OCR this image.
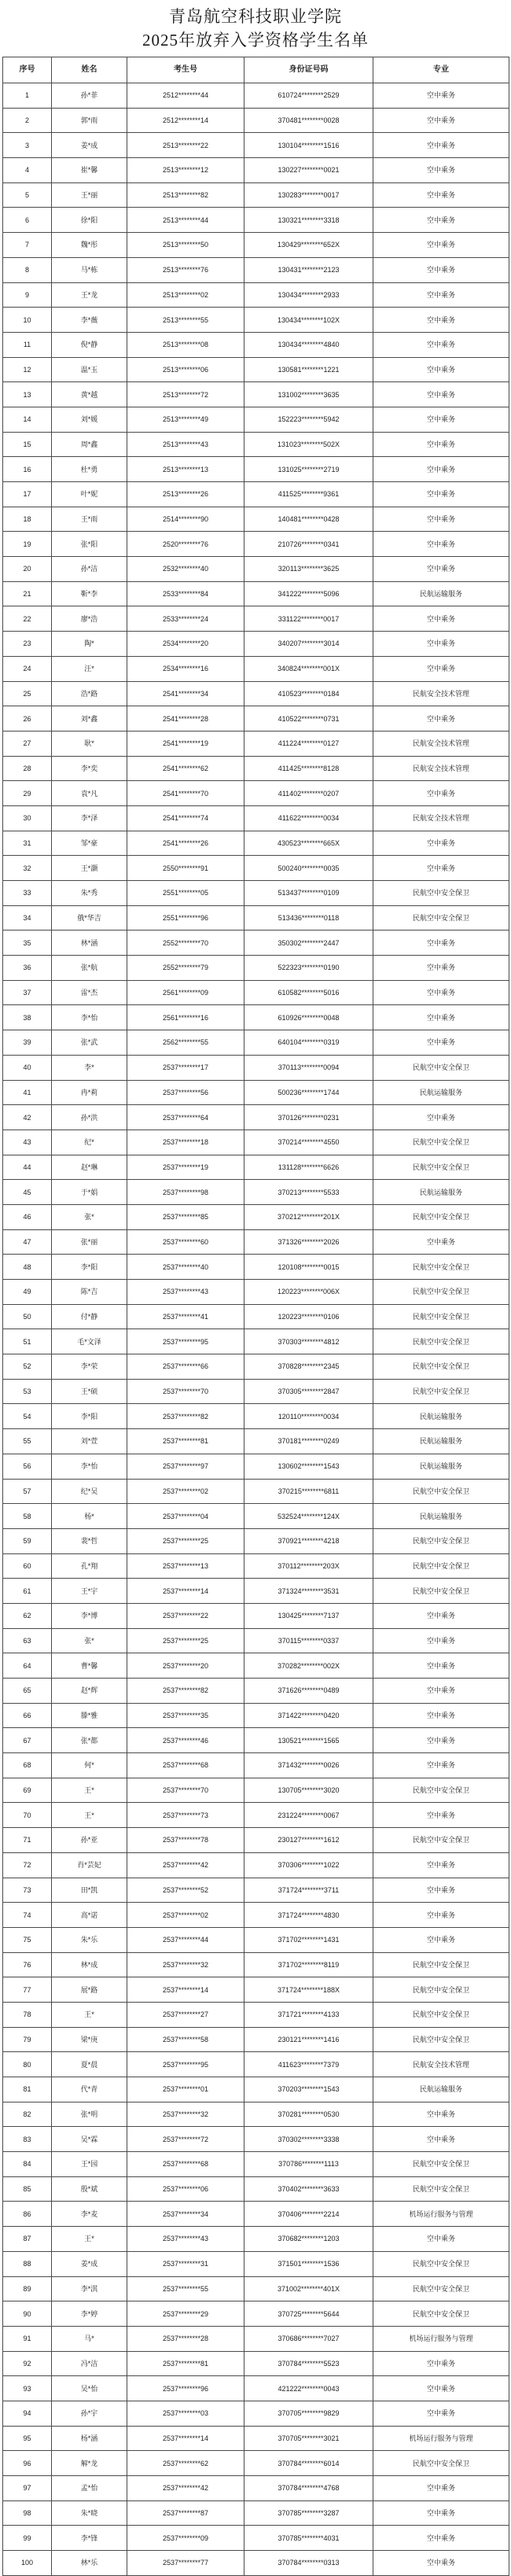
青岛航空科技职业学院
2025年放弃入学资格学生名单
序号	姓名	考生号	身份证号码	专业
1	孙*菲	2512********44	610724********2529	空中乘务
2	郭*雨	2512********14	370481********0028	空中乘务
3	姜*成	2513********22	130104********1516	空中乘务
4	崔*馨	2513********12	130227********0021	空中乘务
5	王*丽	2513********82	130283********0017	空中乘务
6	徐*阳	2513********44	130321********3318	空中乘务
7	魏*彤	2513********50	130429********652X	空中乘务
8	马*栋	2513********76	130431********2123	空中乘务
9	王*龙	2513********02	130434********2933	空中乘务
10	李*薇	2513********55	130434********102X	空中乘务
11	倪*静	2513********08	130434********4840	空中乘务
12	温*玉	2513********06	130581********1221	空中乘务
13	黄*越	2513********72	131002********3635	空中乘务
14	刘*媛	2513********49	152223********5942	空中乘务
15	周*鑫	2513********43	131023********502X	空中乘务
16	杜*勇	2513********13	131025********2719	空中乘务
17	叶*妮	2513********26	411525********9361	空中乘务
18	王*雨	2514********90	140481********0428	空中乘务
19	张*阳	2520********76	210726********0341	空中乘务
20	孙*洁	2532********40	320113********3625	空中乘务
21	靳*李	2533********84	341222********5096	民航运输服务
22	廖*浩	2533********24	331122********0017	空中乘务
23	陶*	2534********20	340207********3014	空中乘务
24	汪*	2534********16	340824********001X	空中乘务
25	浩*路	2541********34	410523********0184	民航安全技术管理
26	刘*鑫	2541********28	410522********0731	空中乘务
27	耿*	2541********19	411224********0127	民航安全技术管理
28	李*奕	2541********62	411425********8128	民航安全技术管理
29	袁*凡	2541********70	411402********0207	空中乘务
30	李*泽	2541********74	411622********0034	民航安全技术管理
31	邹*豪	2541********26	430523********665X	空中乘务
32	王*灏	2550********91	500240********0035	空中乘务
33	朱*秀	2551********05	513437********0109	民航空中安全保卫
34	俄*华吉	2551********96	513436********0118	民航空中安全保卫
35	林*涵	2552********70	350302********2447	空中乘务
36	张*航	2552********79	522323********0190	空中乘务
37	雷*杰	2561********09	610582********5016	空中乘务
38	李*怡	2561********16	610926********0048	空中乘务
39	张*武	2562********55	640104********0319	空中乘务
40	李*	2537********17	370113********0094	民航空中安全保卫
41	冉*莉	2537********56	500236********1744	民航运输服务
42	孙*洪	2537********64	370126********0231	空中乘务
43	纪*	2537********18	370214********4550	民航空中安全保卫
44	赵*琳	2537********19	131128********6626	民航空中安全保卫
45	于*娟	2537********98	370213********5533	民航运输服务
46	张*	2537********85	370212********201X	民航空中安全保卫
47	张*丽	2537********60	371326********2026	空中乘务
48	李*阳	2537********40	120108********0015	民航空中安全保卫
49	陈*吉	2537********43	120223********006X	民航空中安全保卫
50	付*静	2537********41	120223********0106	民航空中安全保卫
51	毛*文泽	2537********95	370303********4812	民航空中安全保卫
52	李*荣	2537********66	370828********2345	民航空中安全保卫
53	王*硕	2537********70	370305********2847	民航空中安全保卫
54	李*阳	2537********82	120110********0034	民航运输服务
55	刘*萱	2537********81	370181********0249	民航运输服务
56	李*怡	2537********97	130602********1543	民航运输服务
57	纪*吴	2537********02	370215********6811	民航空中安全保卫
58	杨*	2537********04	532524********124X	民航运输服务
59	裴*哲	2537********25	370921********4218	民航空中安全保卫
60	孔*翔	2537********13	370112********203X	民航空中安全保卫
61	王*宇	2537********14	371324********3531	民航空中安全保卫
62	李*博	2537********22	130425********7137	空中乘务
63	张*	2537********25	370115********0337	空中乘务
64	曹*馨	2537********20	370282********002X	空中乘务
65	赵*辉	2537********82	371626********0489	空中乘务
66	滕*雅	2537********35	371422********0420	空中乘务
67	张*都	2537********46	130521********1565	空中乘务
68	何*	2537********68	371432********0026	空中乘务
69	王*	2537********70	130705********3020	民航空中安全保卫
70	王*	2537********73	231224********0067	空中乘务
71	孙*亚	2537********78	230127********1612	民航空中安全保卫
72	肖*芸妃	2537********42	370306********1022	空中乘务
73	田*凯	2537********52	371724********3711	空中乘务
74	高*诺	2537********02	371724********4830	空中乘务
75	朱*乐	2537********44	371702********1431	空中乘务
76	林*成	2537********32	371702********8119	民航空中安全保卫
77	展*路	2537********14	371724********188X	民航空中安全保卫
78	王*	2537********27	371721********4133	民航空中安全保卫
79	梁*庚	2537********58	230121********1416	民航空中安全保卫
80	夏*晨	2537********95	411623********7379	民航安全技术管理
81	代*青	2537********01	370203********1543	民航运输服务
82	张*明	2537********32	370281********0530	空中乘务
83	吴*霖	2537********72	370302********3338	空中乘务
84	王*园	2537********68	370786********1113	民航空中安全保卫
85	殷*斌	2537********06	370402********3633	民航空中安全保卫
86	李*麦	2537********34	370406********2214	机场运行服务与管理
87	王*	2537********43	370682********1203	空中乘务
88	姜*成	2537********31	371501********1536	民航空中安全保卫
89	李*淇	2537********55	371002********401X	民航空中安全保卫
90	李*婷	2537********29	370725********5644	民航空中安全保卫
91	马*	2537********28	370686********7027	机场运行服务与管理
92	冯*洁	2537********81	370784********5523	空中乘务
93	吴*怡	2537********96	421222********0043	空中乘务
94	孙*宇	2537********03	370705********9829	空中乘务
95	杨*涵	2537********14	370705********3021	机场运行服务与管理
96	解*龙	2537********62	370784********6014	民航空中安全保卫
97	孟*怡	2537********42	370784********4768	空中乘务
98	朱*晓	2537********87	370785********3287	空中乘务
99	李*锋	2537********09	370785********4031	空中乘务
100	林*乐	2537********77	370784********0313	空中乘务
